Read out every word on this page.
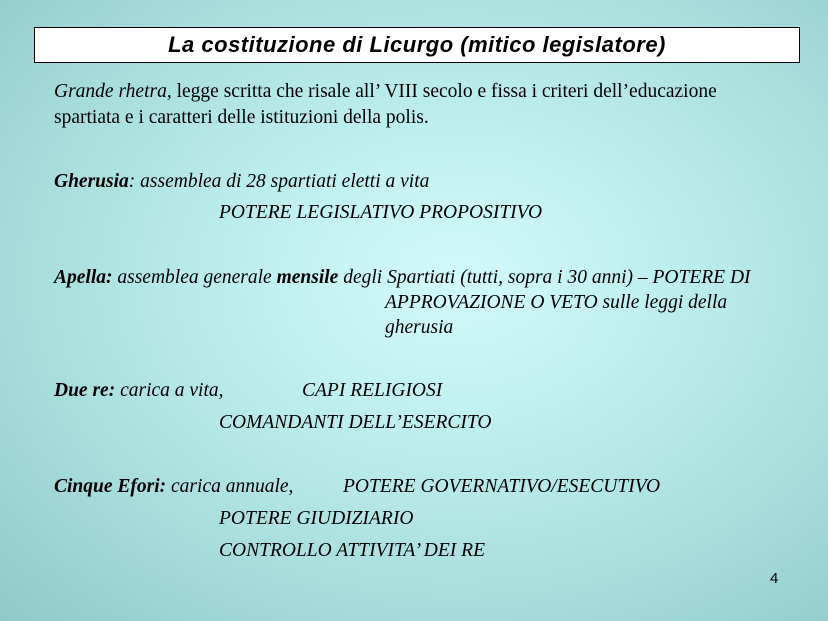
La costituzione di Licurgo (mitico legislatore)
Grande rhetra, legge scritta che risale all’ VIII secolo e fissa i criteri dell’educazione
spartiata e i caratteri delle istituzioni della polis.
Gherusia: assemblea di 28 spartiati eletti a vita
POTERE LEGISLATIVO PROPOSITIVO
Apella: assemblea generale mensile degli Spartiati (tutti, sopra i 30 anni) – POTERE DI
APPROVAZIONE O VETO sulle leggi della
gherusia
Due re: carica a vita,	CAPI RELIGIOSI
COMANDANTI DELL’ESERCITO
Cinque Efori: carica annuale,	POTERE GOVERNATIVO/ESECUTIVO
POTERE GIUDIZIARIO
CONTROLLO ATTIVITA’ DEI RE
4
